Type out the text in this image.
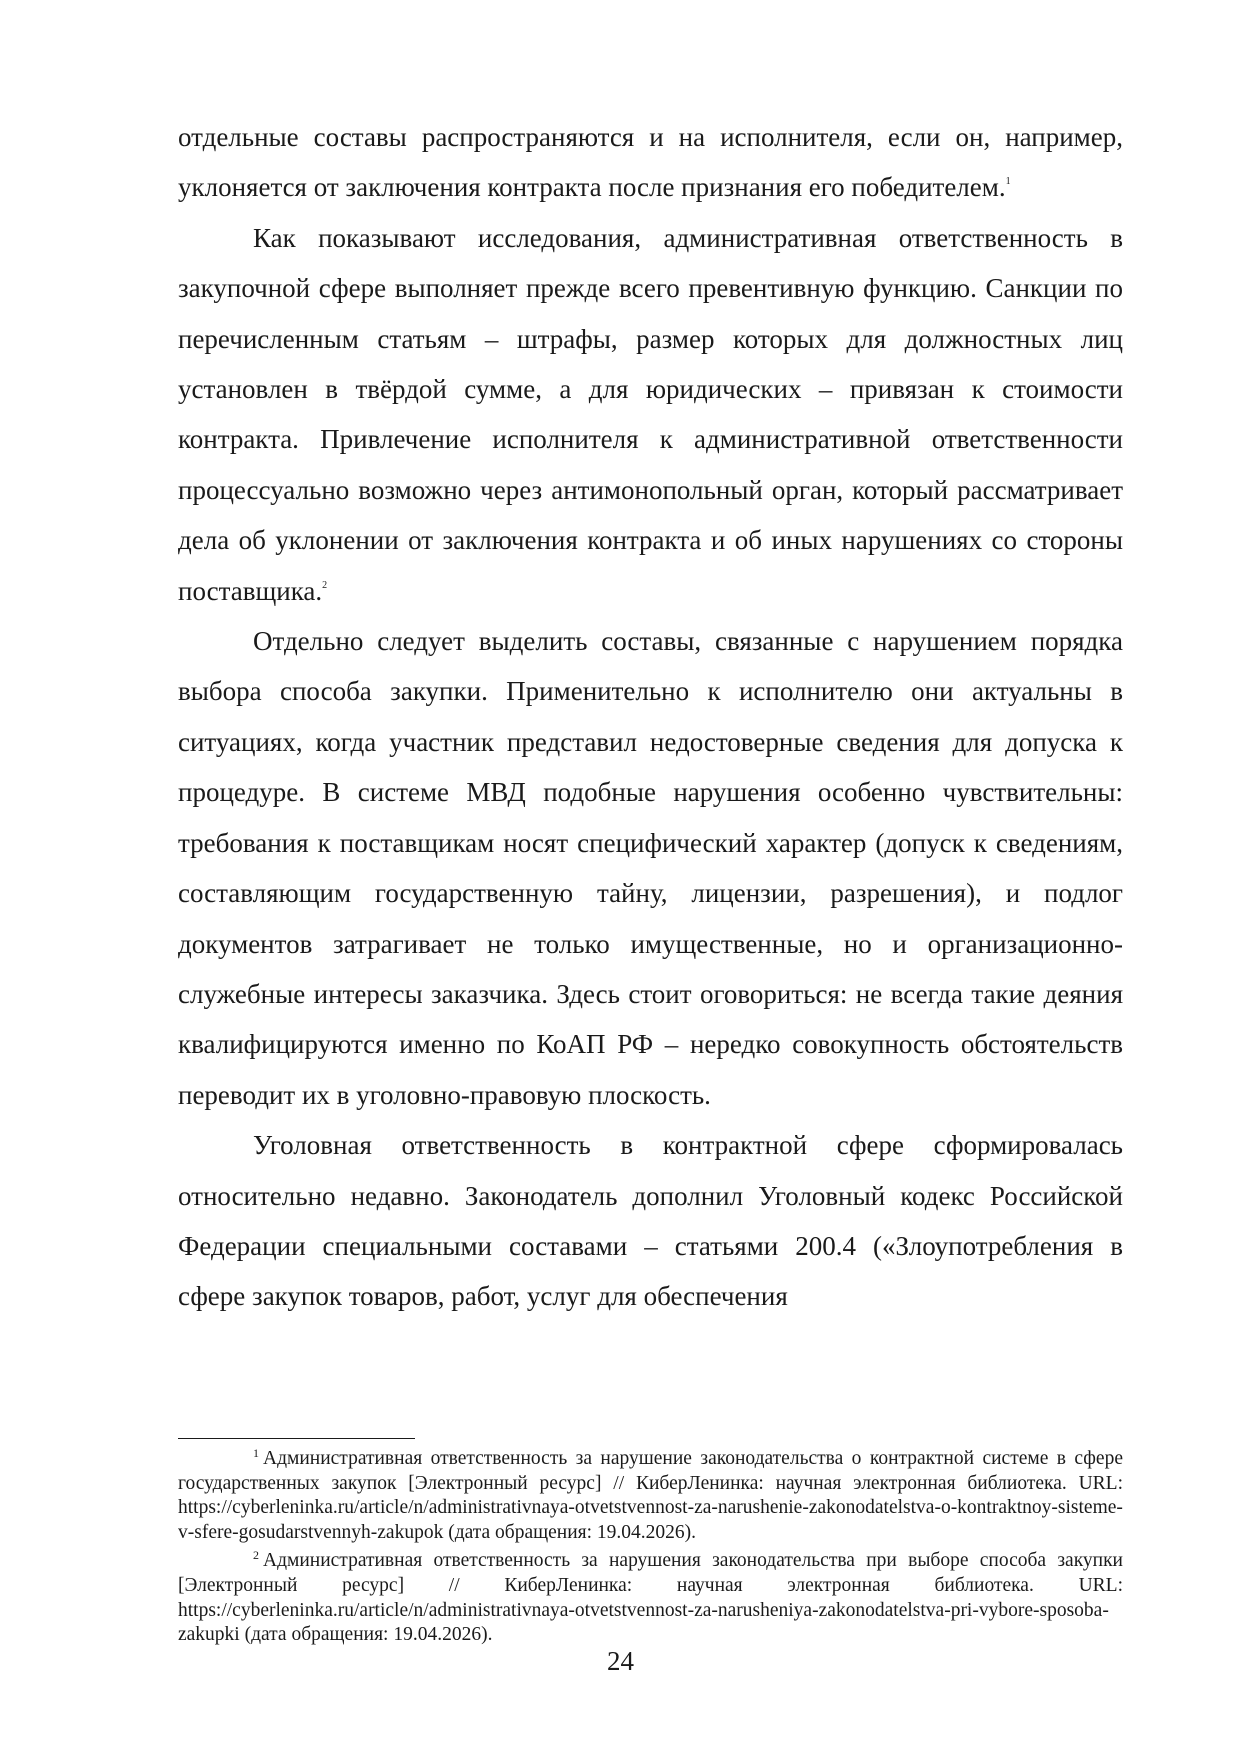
отдельные составы распространяются и на исполнителя, если он, например, уклоняется от заключения контракта после признания его победителем.$^1$

Как показывают исследования, административная ответственность в закупочной сфере выполняет прежде всего превентивную функцию. Санкции по перечисленным статьям – штрафы, размер которых для должностных лиц установлен в твёрдой сумме, а для юридических – привязан к стоимости контракта. Привлечение исполнителя к административной ответственности процессуально возможно через антимонопольный орган, который рассматривает дела об уклонении от заключения контракта и об иных нарушениях со стороны поставщика.$^2$

Отдельно следует выделить составы, связанные с нарушением порядка выбора способа закупки. Применительно к исполнителю они актуальны в ситуациях, когда участник представил недостоверные сведения для допуска к процедуре. В системе МВД подобные нарушения особенно чувствительны: требования к поставщикам носят специфический характер (допуск к сведениям, составляющим государственную тайну, лицензии, разрешения), и подлог документов затрагивает не только имущественные, но и организационно-служебные интересы заказчика. Здесь стоит оговориться: не всегда такие деяния квалифицируются именно по КоАП РФ – нередко совокупность обстоятельств переводит их в уголовно-правовую плоскость.

Уголовная ответственность в контрактной сфере сформировалась относительно недавно. Законодатель дополнил Уголовный кодекс Российской Федерации специальными составами – статьями 200.4 («Злоупотребления в сфере закупок товаров, работ, услуг для обеспечения

$^1$ Административная ответственность за нарушение законодательства о контрактной системе в сфере государственных закупок [Электронный ресурс] // КиберЛенинка: научная электронная библиотека. URL: https://cyberleninka.ru/article/n/administrativnaya-otvetstvennost-za-narushenie-zakonodatelstva-o-kontraktnoy-sisteme-v-sfere-gosudarstvennyh-zakupok (дата обращения: 19.04.2026).

$^2$ Административная ответственность за нарушения законодательства при выборе способа закупки [Электронный ресурс] // КиберЛенинка: научная электронная библиотека. URL: https://cyberleninka.ru/article/n/administrativnaya-otvetstvennost-za-narusheniya-zakonodatelstva-pri-vybore-sposoba-zakupki (дата обращения: 19.04.2026).

24
